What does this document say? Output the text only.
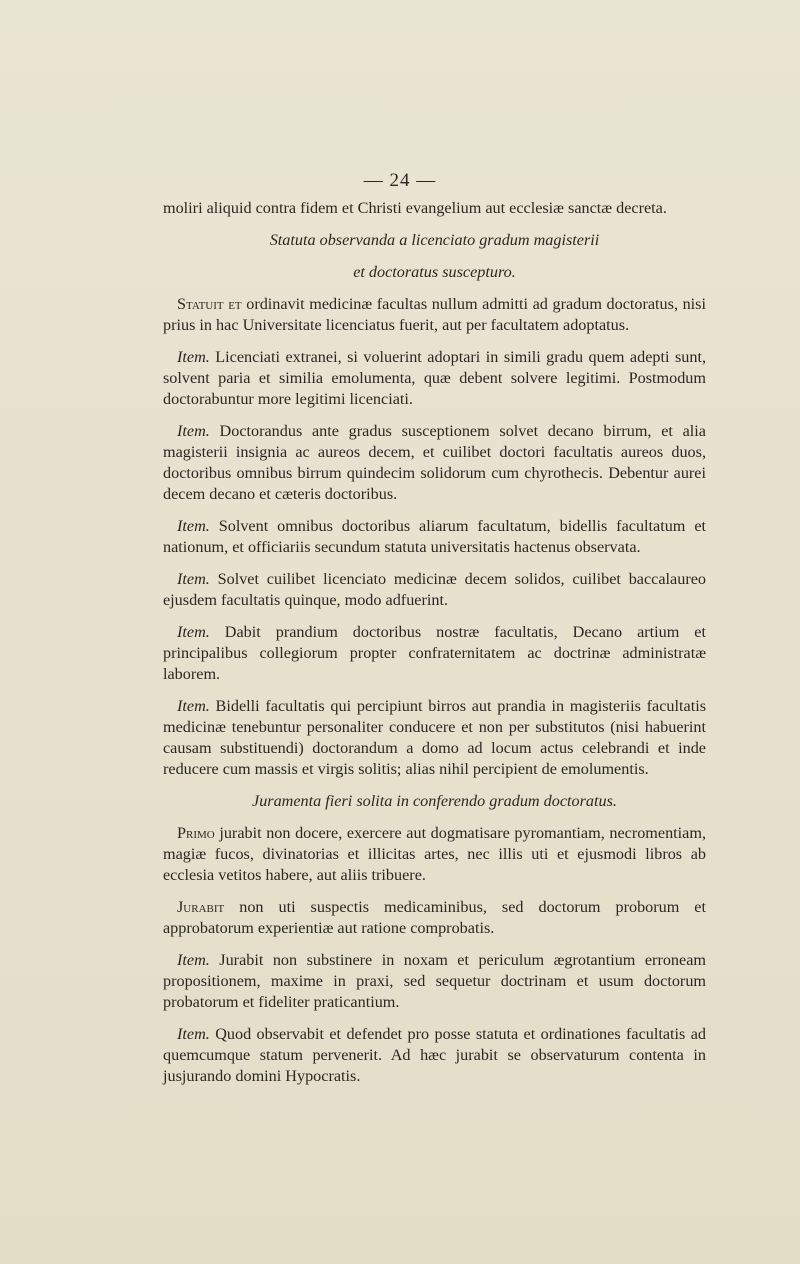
— 24 —

moliri aliquid contra fidem et Christi evangelium aut ecclesiæ sanctæ decreta.

Statuta observanda a licenciato gradum magisterii

et doctoratus suscepturo.

Statuit et ordinavit medicinæ facultas nullum admitti ad gradum doctoratus, nisi prius in hac Universitate licenciatus fuerit, aut per facultatem adoptatus.

Item. Licenciati extranei, si voluerint adoptari in simili gradu quem adepti sunt, solvent paria et similia emolumenta, quæ debent solvere legitimi. Postmodum doctorabuntur more legitimi licenciati.

Item. Doctorandus ante gradus susceptionem solvet decano birrum, et alia magisterii insignia ac aureos decem, et cuilibet doctori facultatis aureos duos, doctoribus omnibus birrum quindecim solidorum cum chyrothecis. Debentur aurei decem decano et cæteris doctoribus.

Item. Solvent omnibus doctoribus aliarum facultatum, bidellis facultatum et nationum, et officiariis secundum statuta universitatis hactenus observata.

Item. Solvet cuilibet licenciato medicinæ decem solidos, cuilibet baccalaureo ejusdem facultatis quinque, modo adfuerint.

Item. Dabit prandium doctoribus nostræ facultatis, Decano artium et principalibus collegiorum propter confraternitatem ac doctrinæ administratæ laborem.

Item. Bidelli facultatis qui percipiunt birros aut prandia in magisteriis facultatis medicinæ tenebuntur personaliter conducere et non per substitutos (nisi habuerint causam substituendi) doctorandum a domo ad locum actus celebrandi et inde reducere cum massis et virgis solitis; alias nihil percipient de emolumentis.

Juramenta fieri solita in conferendo gradum doctoratus.

Primo jurabit non docere, exercere aut dogmatisare pyromantiam, necromentiam, magiæ fucos, divinatorias et illicitas artes, nec illis uti et ejusmodi libros ab ecclesia vetitos habere, aut aliis tribuere.

Jurabit non uti suspectis medicaminibus, sed doctorum proborum et approbatorum experientiæ aut ratione comprobatis.

Item. Jurabit non substinere in noxam et periculum ægrotantium erroneam propositionem, maxime in praxi, sed sequetur doctrinam et usum doctorum probatorum et fideliter praticantium.

Item. Quod observabit et defendet pro posse statuta et ordinationes facultatis ad quemcumque statum pervenerit. Ad hæc jurabit se observaturum contenta in jusjurando domini Hypocratis.
